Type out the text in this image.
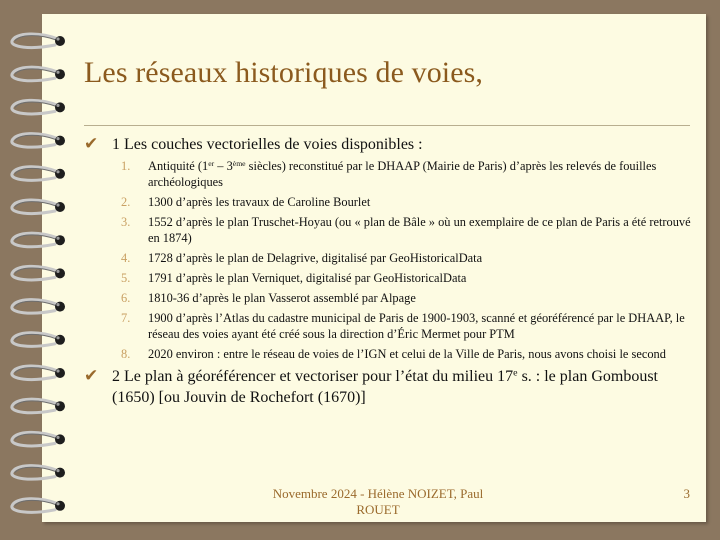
Les réseaux historiques de voies,
✔ 1 Les couches vectorielles de voies disponibles :
1. Antiquité (1er – 3ème siècles) reconstitué par le DHAAP (Mairie de Paris) d’après les relevés de fouilles archéologiques
2. 1300 d’après les travaux de Caroline Bourlet
3. 1552 d’après le plan Truschet-Hoyau (ou « plan de Bâle » où un exemplaire de ce plan de Paris a été retrouvé en 1874)
4. 1728 d’après le plan de Delagrive, digitalisé par GeoHistoricalData
5. 1791 d’après le plan Verniquet, digitalisé par GeoHistoricalData
6. 1810-36 d’après le plan Vasserot assemblé par Alpage
7. 1900 d’après l’Atlas du cadastre municipal de Paris de 1900-1903, scanné et géoréférencé par le DHAAP, le réseau des voies ayant été créé sous la direction d’Éric Mermet pour PTM
8. 2020 environ : entre le réseau de voies de l’IGN et celui de la Ville de Paris, nous avons choisi le second
✔ 2 Le plan à géoréférencer et vectoriser pour l’état du milieu 17e s. : le plan Gomboust (1650) [ou Jouvin de Rochefort (1670)]
Novembre 2024 - Hélène NOIZET, Paul ROUET
3
